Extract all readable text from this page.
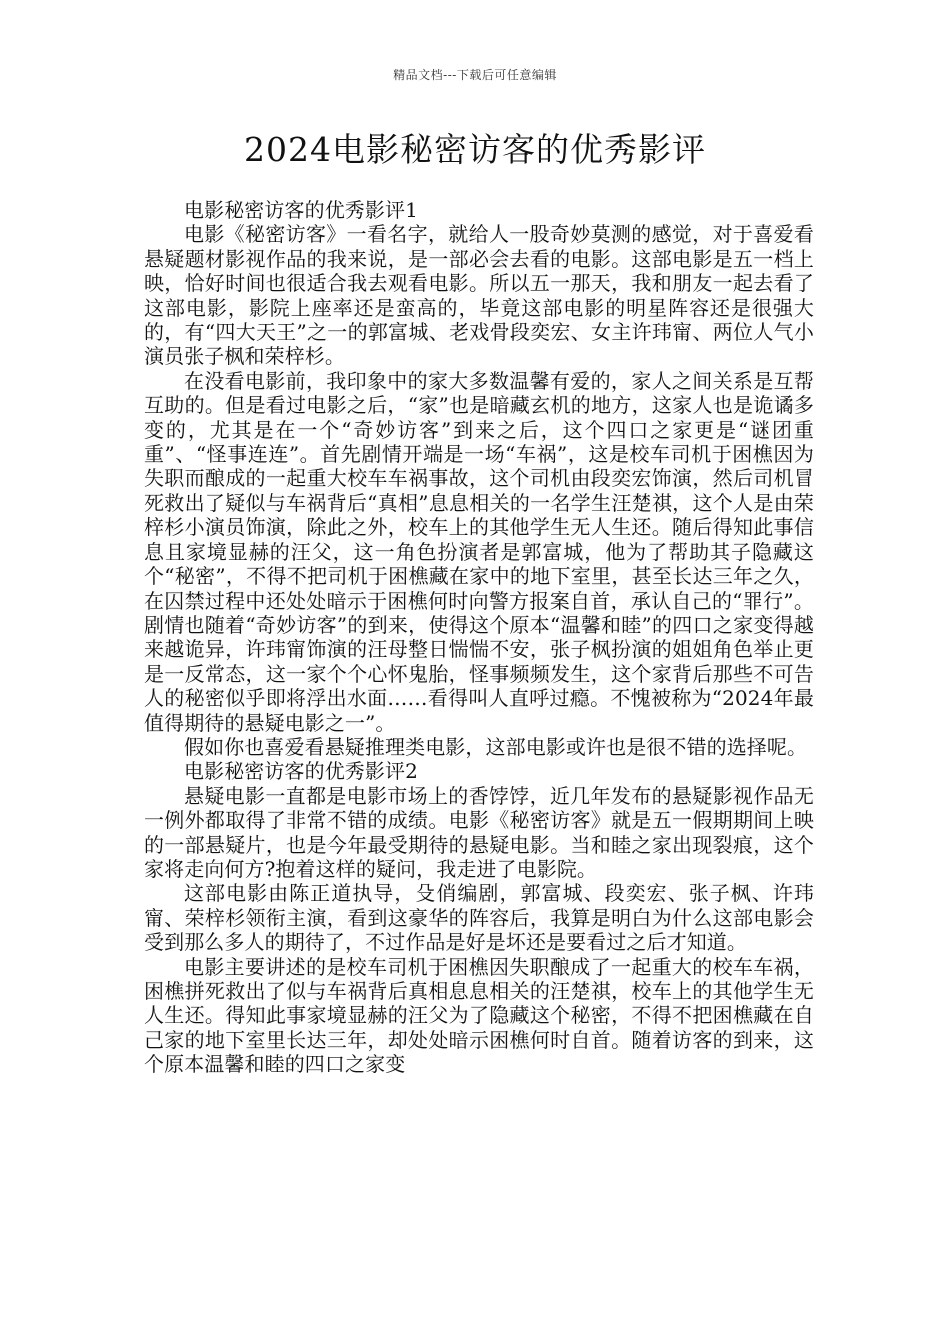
精品文档---下载后可任意编辑
2024电影秘密访客的优秀影评

电影秘密访客的优秀影评1

电影《秘密访客》一看名字，就给人一股奇妙莫测的感觉，对于喜爱看悬疑题材影视作品的我来说，是一部必会去看的电影。这部电影是五一档上映，恰好时间也很适合我去观看电影。所以五一那天，我和朋友一起去看了这部电影，影院上座率还是蛮高的，毕竟这部电影的明星阵容还是很强大的，有“四大天王”之一的郭富城、老戏骨段奕宏、女主许玮甯、两位人气小演员张子枫和荣梓杉。

在没看电影前，我印象中的家大多数温馨有爱的，家人之间关系是互帮互助的。但是看过电影之后，“家”也是暗藏玄机的地方，这家人也是诡谲多变的，尤其是在一个“奇妙访客”到来之后，这个四口之家更是“谜团重重”、“怪事连连”。首先剧情开端是一场“车祸”，这是校车司机于困樵因为失职而酿成的一起重大校车车祸事故，这个司机由段奕宏饰演，然后司机冒死救出了疑似与车祸背后“真相”息息相关的一名学生汪楚祺，这个人是由荣梓杉小演员饰演，除此之外，校车上的其他学生无人生还。随后得知此事信息且家境显赫的汪父，这一角色扮演者是郭富城，他为了帮助其子隐藏这个“秘密”，不得不把司机于困樵藏在家中的地下室里，甚至长达三年之久，在囚禁过程中还处处暗示于困樵何时向警方报案自首，承认自己的“罪行”。剧情也随着“奇妙访客”的到来，使得这个原本“温馨和睦”的四口之家变得越来越诡异，许玮甯饰演的汪母整日惴惴不安，张子枫扮演的姐姐角色举止更是一反常态，这一家个个心怀鬼胎，怪事频频发生，这个家背后那些不可告人的秘密似乎即将浮出水面……看得叫人直呼过瘾。不愧被称为“2024年最值得期待的悬疑电影之一”。

假如你也喜爱看悬疑推理类电影，这部电影或许也是很不错的选择呢。

电影秘密访客的优秀影评2

悬疑电影一直都是电影市场上的香饽饽，近几年发布的悬疑影视作品无一例外都取得了非常不错的成绩。电影《秘密访客》就是五一假期期间上映的一部悬疑片，也是今年最受期待的悬疑电影。当和睦之家出现裂痕，这个家将走向何方?抱着这样的疑问，我走进了电影院。

这部电影由陈正道执导，殳俏编剧，郭富城、段奕宏、张子枫、许玮甯、荣梓杉领衔主演，看到这豪华的阵容后，我算是明白为什么这部电影会受到那么多人的期待了，不过作品是好是坏还是要看过之后才知道。

电影主要讲述的是校车司机于困樵因失职酿成了一起重大的校车车祸，困樵拼死救出了似与车祸背后真相息息相关的汪楚祺，校车上的其他学生无人生还。得知此事家境显赫的汪父为了隐藏这个秘密，不得不把困樵藏在自己家的地下室里长达三年，却处处暗示困樵何时自首。随着访客的到来，这个原本温馨和睦的四口之家变
